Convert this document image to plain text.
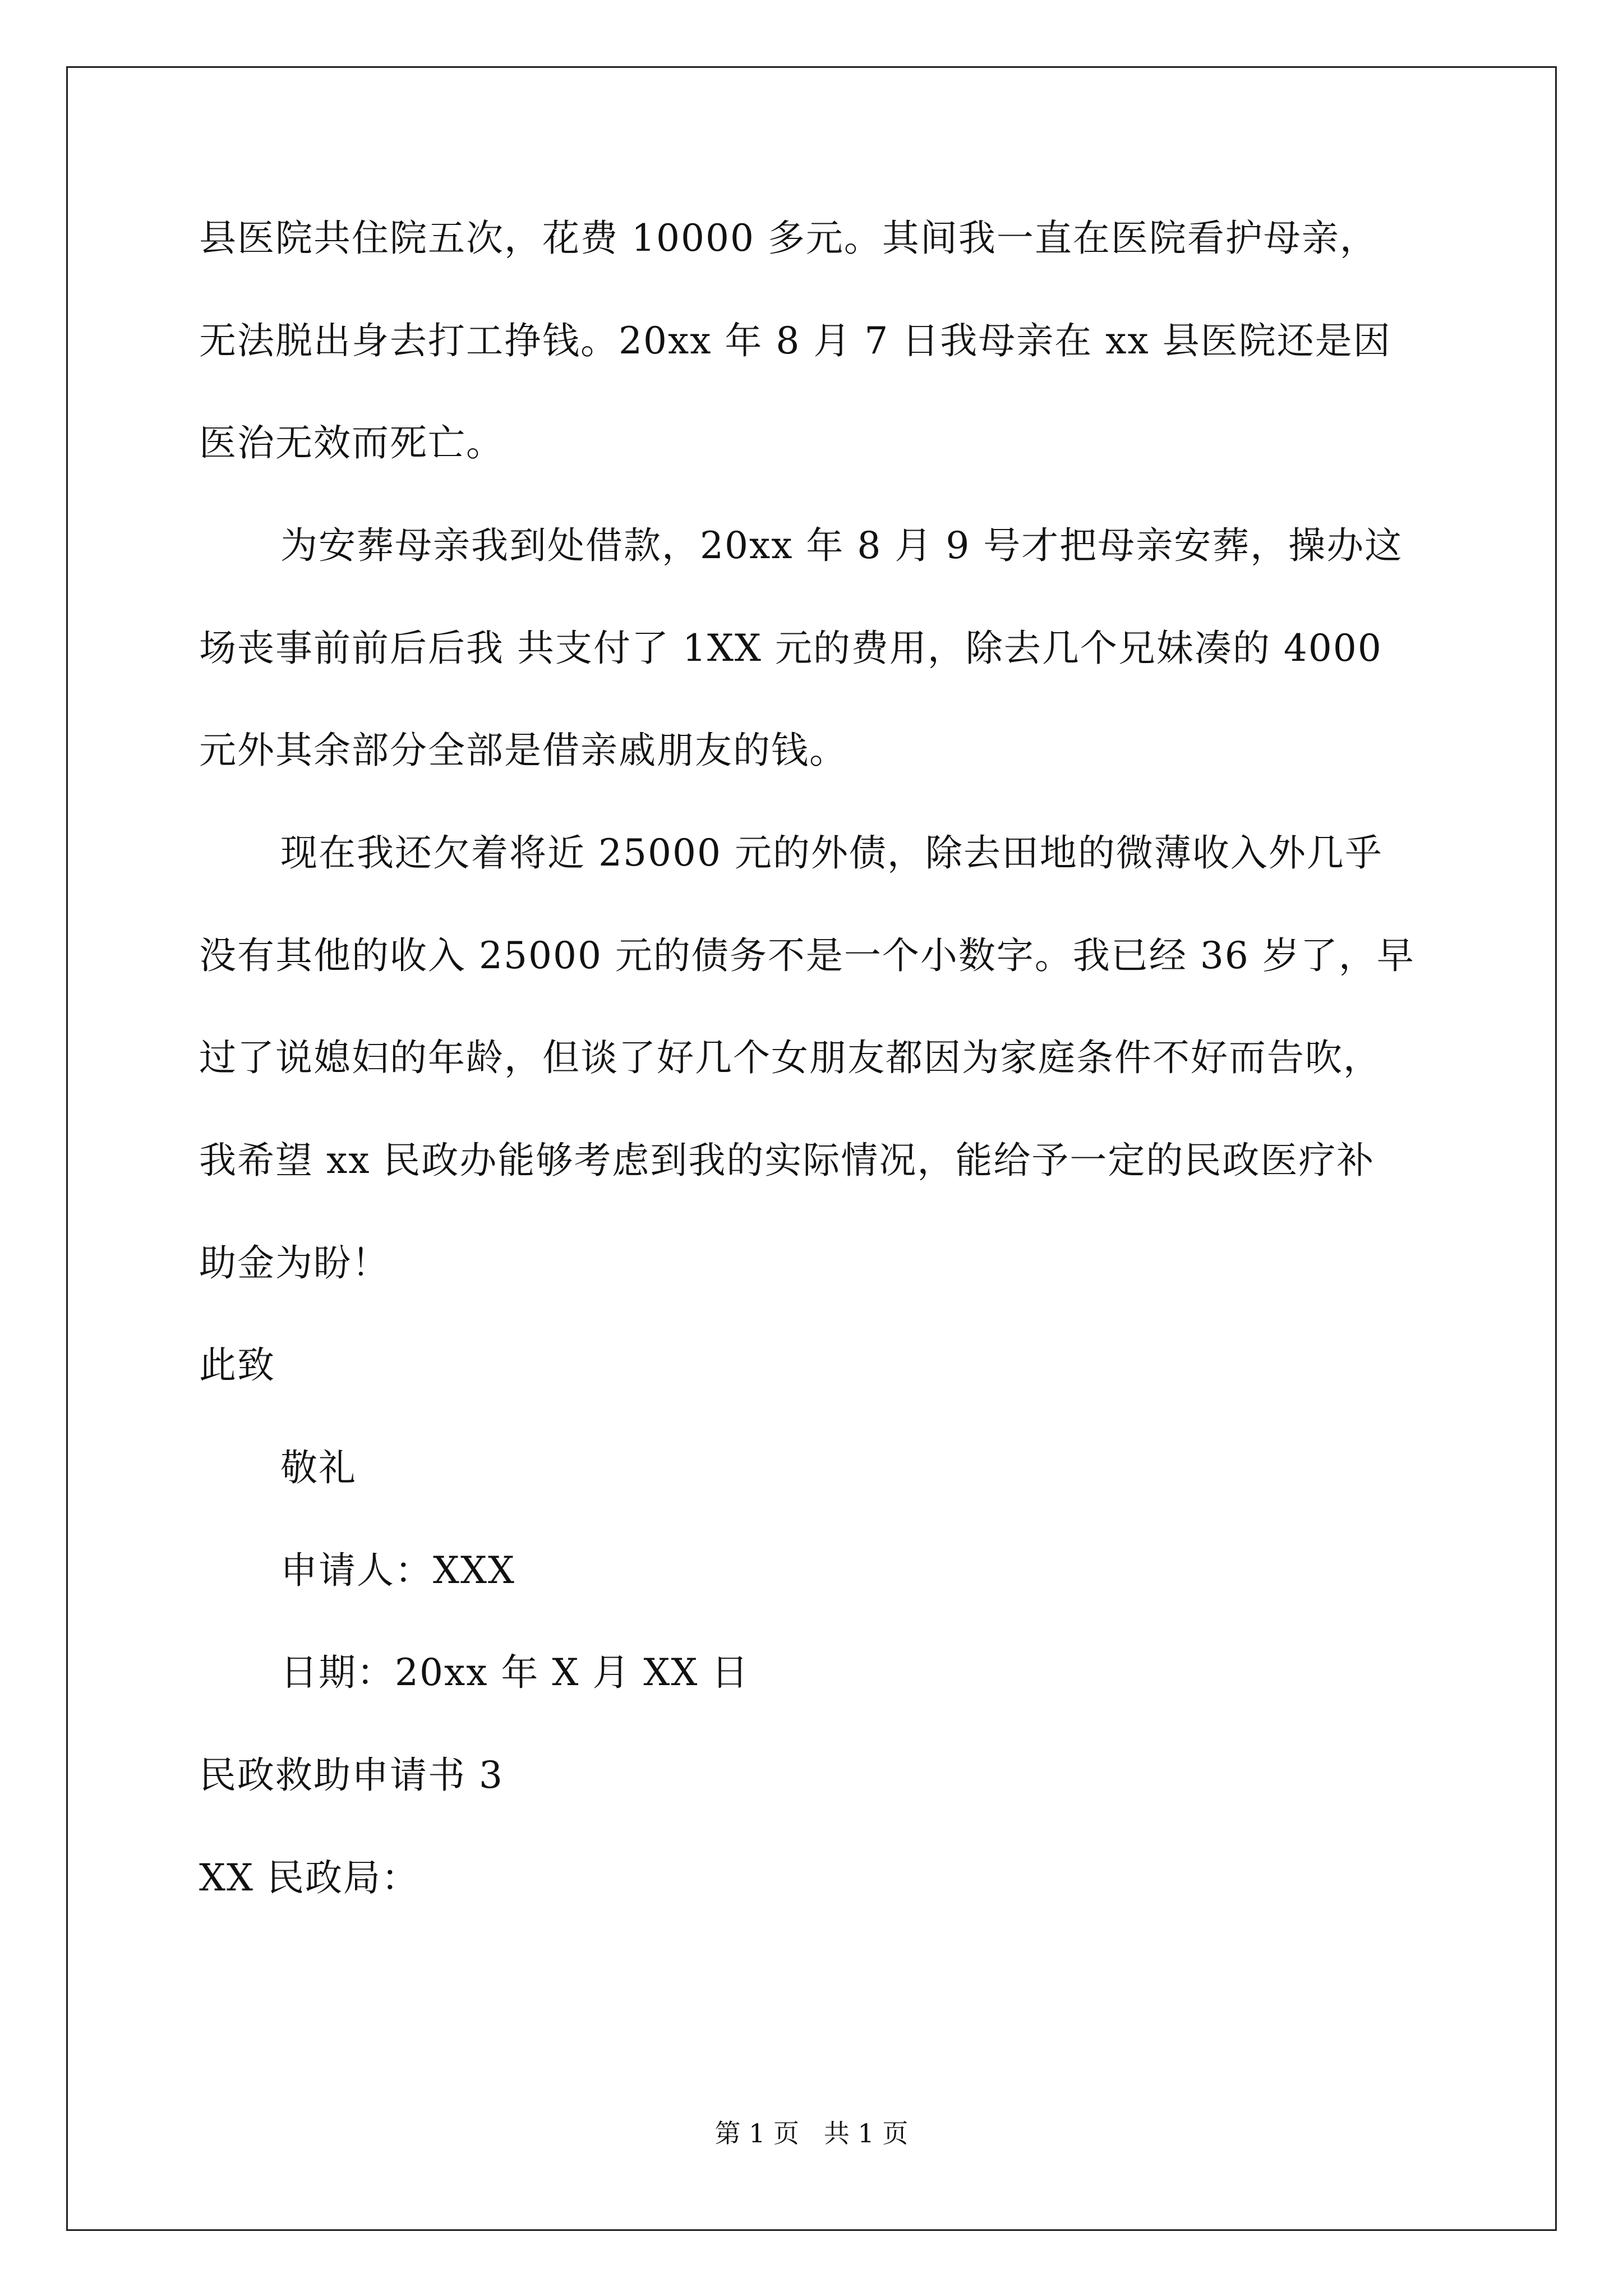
县医院共住院五次，花费 10000 多元。其间我一直在医院看护母亲，
无法脱出身去打工挣钱。20xx 年 8 月 7 日我母亲在 xx 县医院还是因
医治无效而死亡。
为安葬母亲我到处借款，20xx 年 8 月 9 号才把母亲安葬，操办这
场丧事前前后后我 共支付了 1XX 元的费用，除去几个兄妹凑的 4000
元外其余部分全部是借亲戚朋友的钱。
现在我还欠着将近 25000 元的外债，除去田地的微薄收入外几乎
没有其他的收入 25000 元的债务不是一个小数字。我已经 36 岁了，早
过了说媳妇的年龄，但谈了好几个女朋友都因为家庭条件不好而告吹，
我希望 xx 民政办能够考虑到我的实际情况，能给予一定的民政医疗补
助金为盼！
此致
敬礼
申请人：XXX
日期：20xx 年 X 月 XX 日
民政救助申请书 3
XX 民政局：
第 1 页   共 1 页
